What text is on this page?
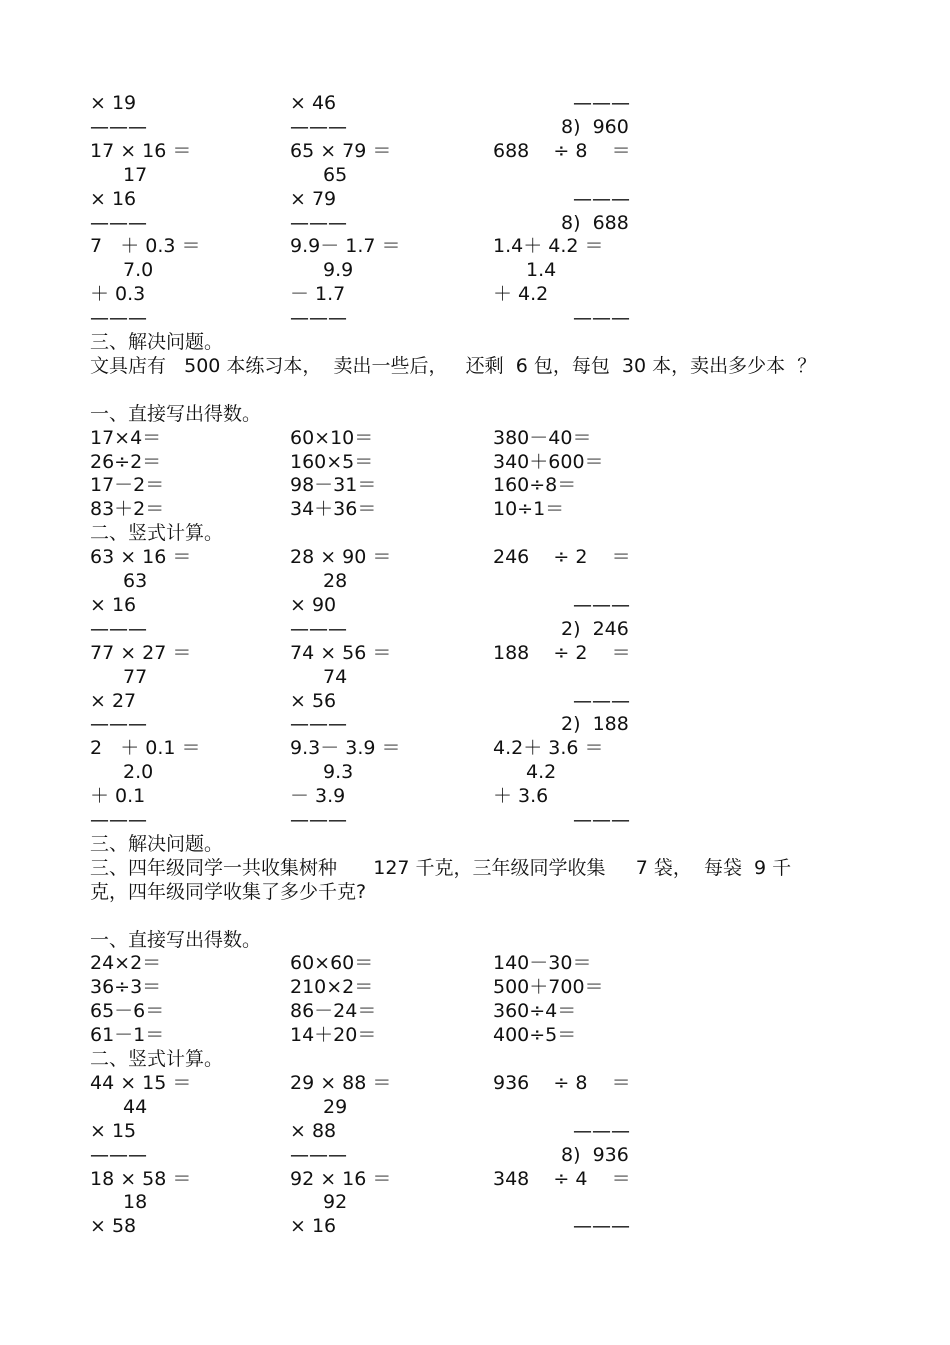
× 19	× 46	———
———	———	8)  960
17 × 16 ＝	65 × 79 ＝	688    ÷ 8    ＝
17	65
× 16	× 79	———
———	———	8)  688
7   ＋ 0.3 ＝	9.9－ 1.7 ＝	1.4＋ 4.2 ＝
7.0	9.9	1.4
＋ 0.3	－ 1.7	＋ 4.2
———	———	———
三、解决问题。
文具店有   500 本练习本，  卖出一些后，   还剩  6 包，每包  30 本，卖出多少本  ？
一、直接写出得数。
17×4＝	60×10＝	380－40＝
26÷2＝	160×5＝	340＋600＝
17－2＝	98－31＝	160÷8＝
83＋2＝	34＋36＝	10÷1＝
二、竖式计算。
63 × 16 ＝	28 × 90 ＝	246    ÷ 2    ＝
63	28
× 16	× 90	———
———	———	2)  246
77 × 27 ＝	74 × 56 ＝	188    ÷ 2    ＝
77	74
× 27	× 56	———
———	———	2)  188
2   ＋ 0.1 ＝	9.3－ 3.9 ＝	4.2＋ 3.6 ＝
2.0	9.3	4.2
＋ 0.1	－ 3.9	＋ 3.6
———	———	———
三、解决问题。
三、四年级同学一共收集树种      127 千克，三年级同学收集     7 袋，  每袋  9 千
克，四年级同学收集了多少千克?
一、直接写出得数。
24×2＝	60×60＝	140－30＝
36÷3＝	210×2＝	500＋700＝
65－6＝	86－24＝	360÷4＝
61－1＝	14＋20＝	400÷5＝
二、竖式计算。
44 × 15 ＝	29 × 88 ＝	936    ÷ 8    ＝
44	29
× 15	× 88	———
———	———	8)  936
18 × 58 ＝	92 × 16 ＝	348    ÷ 4    ＝
18	92
× 58	× 16	———
